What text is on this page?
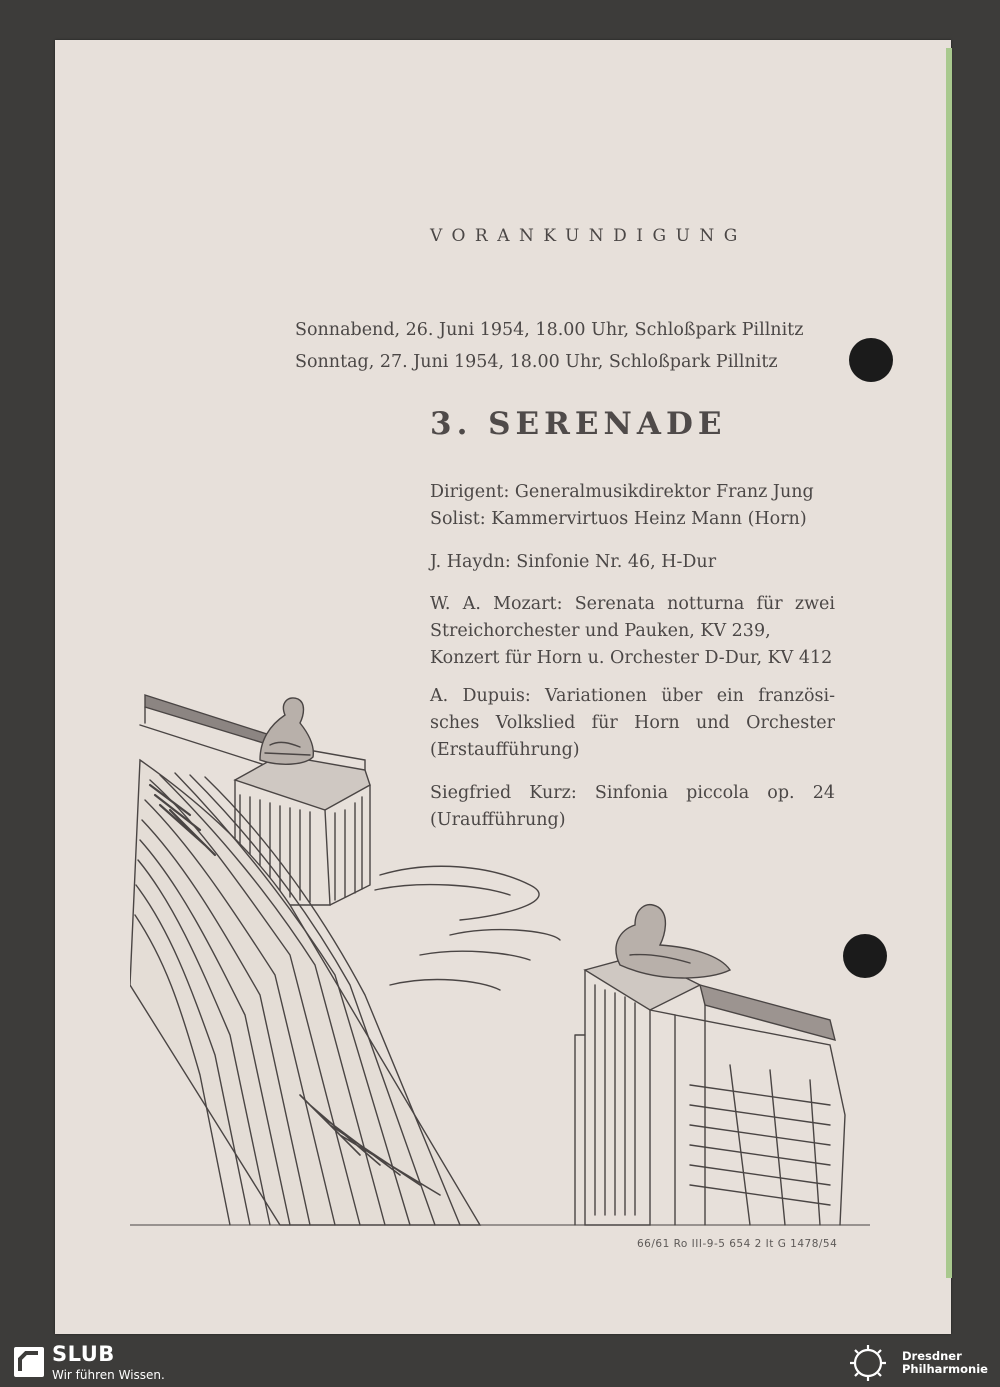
VORANKUNDIGUNG
Sonnabend, 26. Juni 1954, 18.00 Uhr, Schloßpark Pillnitz
Sonntag, 27. Juni 1954, 18.00 Uhr, Schloßpark Pillnitz
3. SERENADE
Dirigent: Generalmusikdirektor Franz Jung
Solist: Kammervirtuos Heinz Mann (Horn)
J. Haydn: Sinfonie Nr. 46, H-Dur
W. A. Mozart: Serenata notturna für zwei
Streichorchester und Pauken, KV 239,
Konzert für Horn u. Orchester D-Dur, KV 412
A. Dupuis: Variationen über ein französi-
sches Volkslied für Horn und Orchester
(Erstaufführung)
Siegfried Kurz: Sinfonia piccola op. 24
(Uraufführung)
66/61 Ro III-9-5 654 2 It G 1478/54
SLUB
Wir führen Wissen.
Dresdner
Philharmonie
